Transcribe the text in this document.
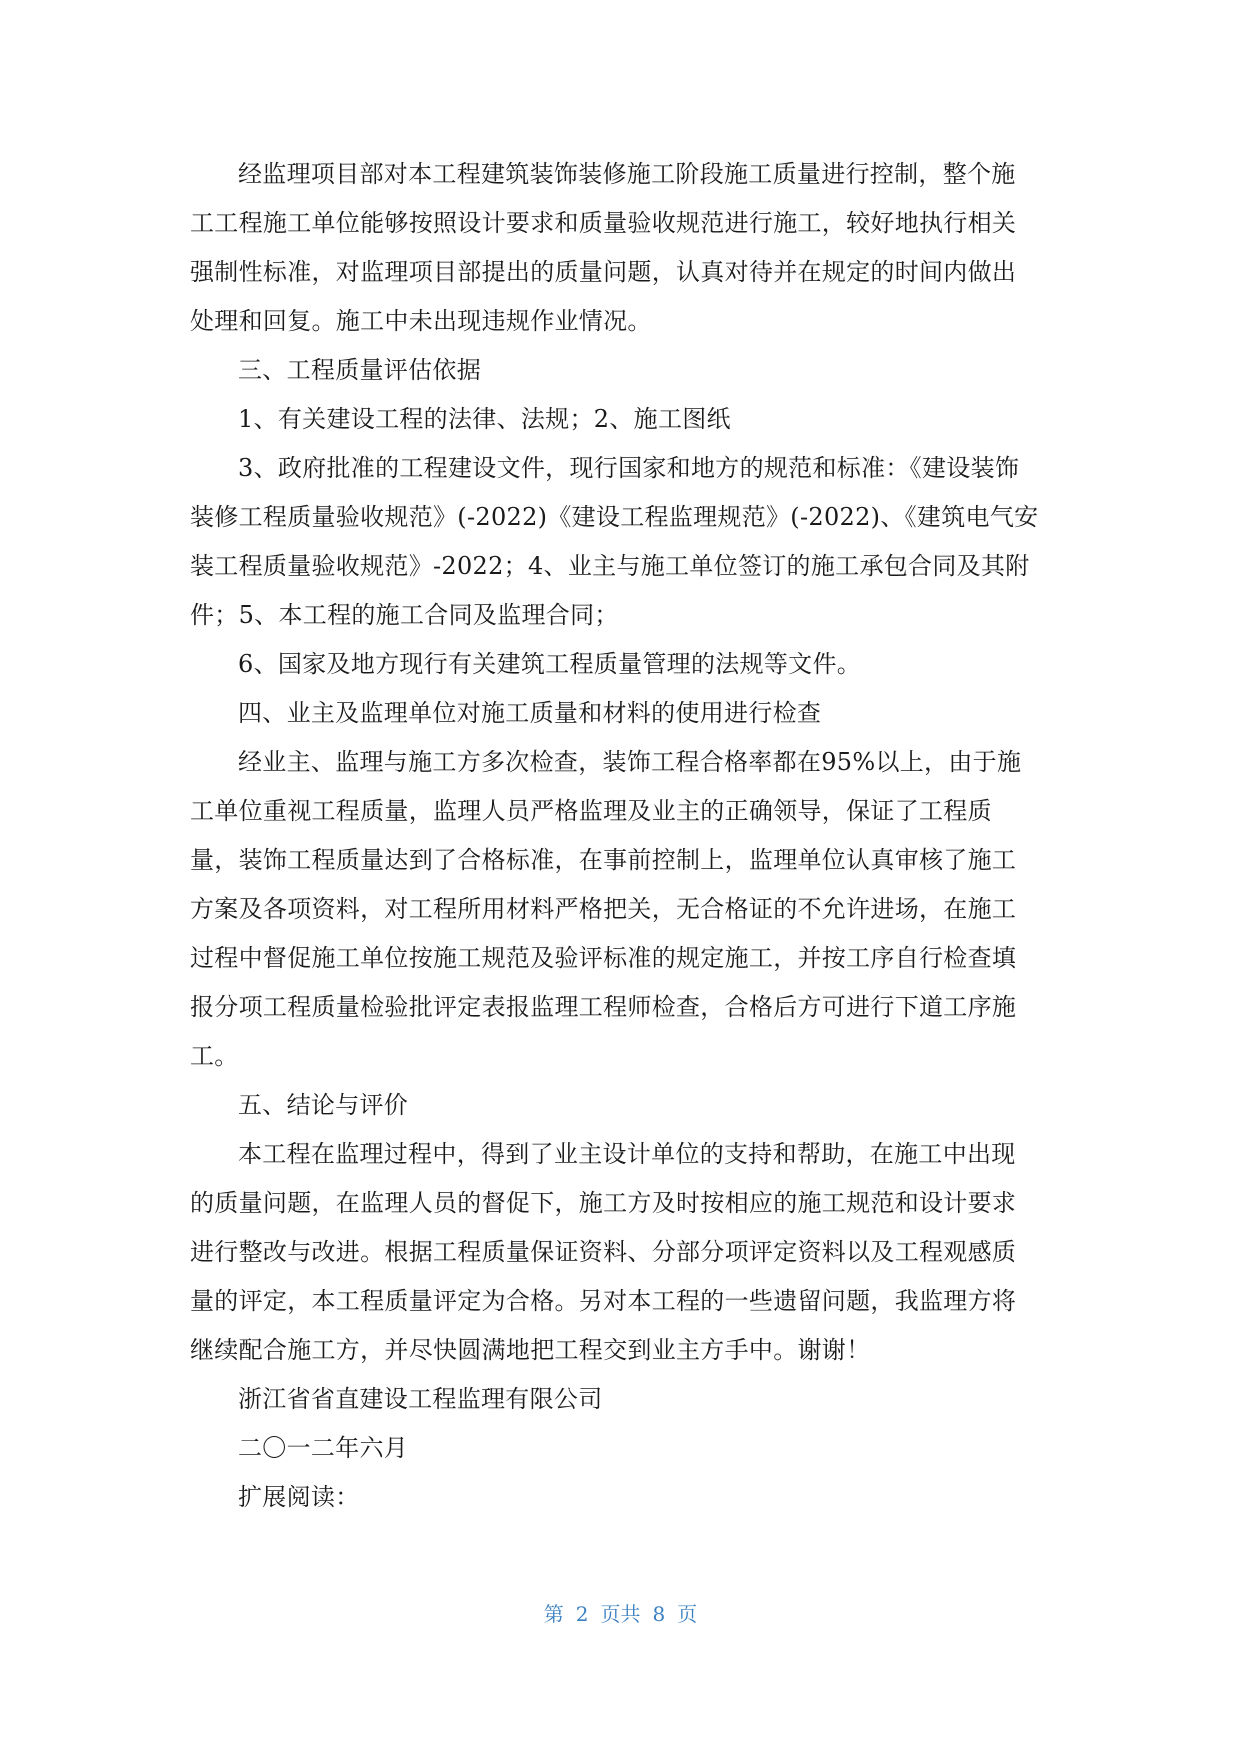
经监理项目部对本工程建筑装饰装修施工阶段施工质量进行控制，整个施
工工程施工单位能够按照设计要求和质量验收规范进行施工，较好地执行相关
强制性标准，对监理项目部提出的质量问题，认真对待并在规定的时间内做出
处理和回复。施工中未出现违规作业情况。
三、工程质量评估依据
1、有关建设工程的法律、法规；2、施工图纸
3、政府批准的工程建设文件，现行国家和地方的规范和标准：《建设装饰
装修工程质量验收规范》(-2022)《建设工程监理规范》(-2022)、《建筑电气安
装工程质量验收规范》-2022；4、业主与施工单位签订的施工承包合同及其附
件；5、本工程的施工合同及监理合同；
6、国家及地方现行有关建筑工程质量管理的法规等文件。
四、业主及监理单位对施工质量和材料的使用进行检查
经业主、监理与施工方多次检查，装饰工程合格率都在95%以上，由于施
工单位重视工程质量，监理人员严格监理及业主的正确领导，保证了工程质
量，装饰工程质量达到了合格标准，在事前控制上，监理单位认真审核了施工
方案及各项资料，对工程所用材料严格把关，无合格证的不允许进场，在施工
过程中督促施工单位按施工规范及验评标准的规定施工，并按工序自行检查填
报分项工程质量检验批评定表报监理工程师检查，合格后方可进行下道工序施
工。
五、结论与评价
本工程在监理过程中，得到了业主设计单位的支持和帮助，在施工中出现
的质量问题，在监理人员的督促下，施工方及时按相应的施工规范和设计要求
进行整改与改进。根据工程质量保证资料、分部分项评定资料以及工程观感质
量的评定，本工程质量评定为合格。另对本工程的一些遗留问题，我监理方将
继续配合施工方，并尽快圆满地把工程交到业主方手中。谢谢！
浙江省省直建设工程监理有限公司
二〇一二年六月
扩展阅读：
第 2 页共 8 页
